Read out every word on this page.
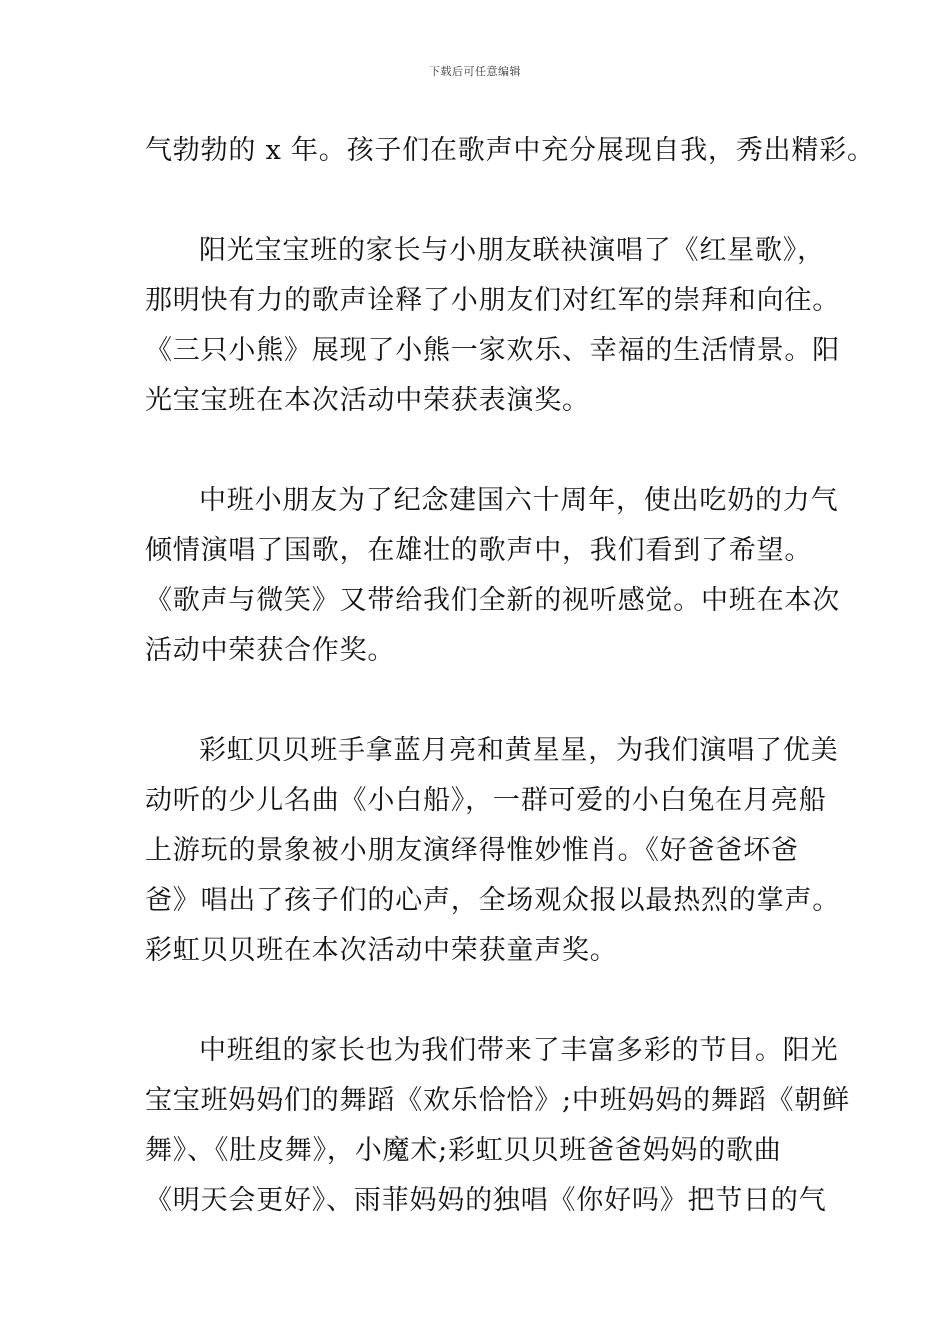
下载后可任意编辑
气勃勃的 x 年。孩子们在歌声中充分展现自我，秀出精彩。
阳光宝宝班的家长与小朋友联袂演唱了《红星歌》，
那明快有力的歌声诠释了小朋友们对红军的崇拜和向往。
《三只小熊》展现了小熊一家欢乐、幸福的生活情景。阳
光宝宝班在本次活动中荣获表演奖。
中班小朋友为了纪念建国六十周年，使出吃奶的力气
倾情演唱了国歌，在雄壮的歌声中，我们看到了希望。
《歌声与微笑》又带给我们全新的视听感觉。中班在本次
活动中荣获合作奖。
彩虹贝贝班手拿蓝月亮和黄星星，为我们演唱了优美
动听的少儿名曲《小白船》，一群可爱的小白兔在月亮船
上游玩的景象被小朋友演绎得惟妙惟肖。《好爸爸坏爸
爸》唱出了孩子们的心声，全场观众报以最热烈的掌声。
彩虹贝贝班在本次活动中荣获童声奖。
中班组的家长也为我们带来了丰富多彩的节目。阳光
宝宝班妈妈们的舞蹈《欢乐恰恰》;中班妈妈的舞蹈《朝鲜
舞》、《肚皮舞》，小魔术;彩虹贝贝班爸爸妈妈的歌曲
《明天会更好》、雨菲妈妈的独唱《你好吗》把节日的气
